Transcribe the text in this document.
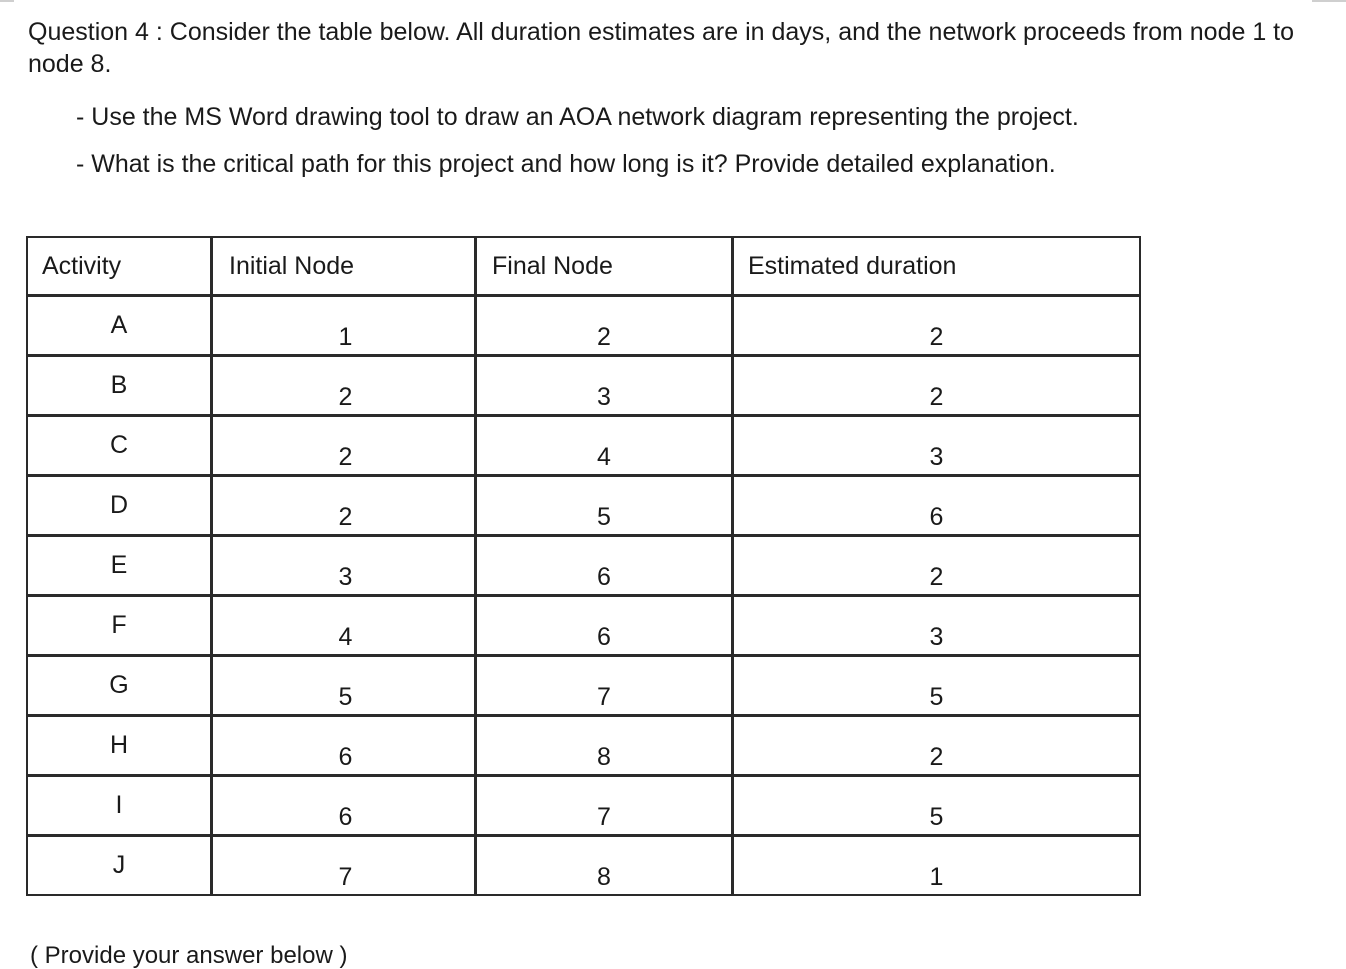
Question 4 : Consider the table below. All duration estimates are in days, and the network proceeds from node 1 to node 8.
- Use the MS Word drawing tool to draw an AOA network diagram representing the project.
- What is the critical path for this project and how long is it? Provide detailed explanation.
Activity	Initial Node	Final Node	Estimated duration

A	1	2	2

B	2	3	2

C	2	4	3

D	2	5	6

E	3	6	2

F	4	6	3

G	5	7	5

H	6	8	2

I	6	7	5

J	7	8	1
( Provide your answer below )
